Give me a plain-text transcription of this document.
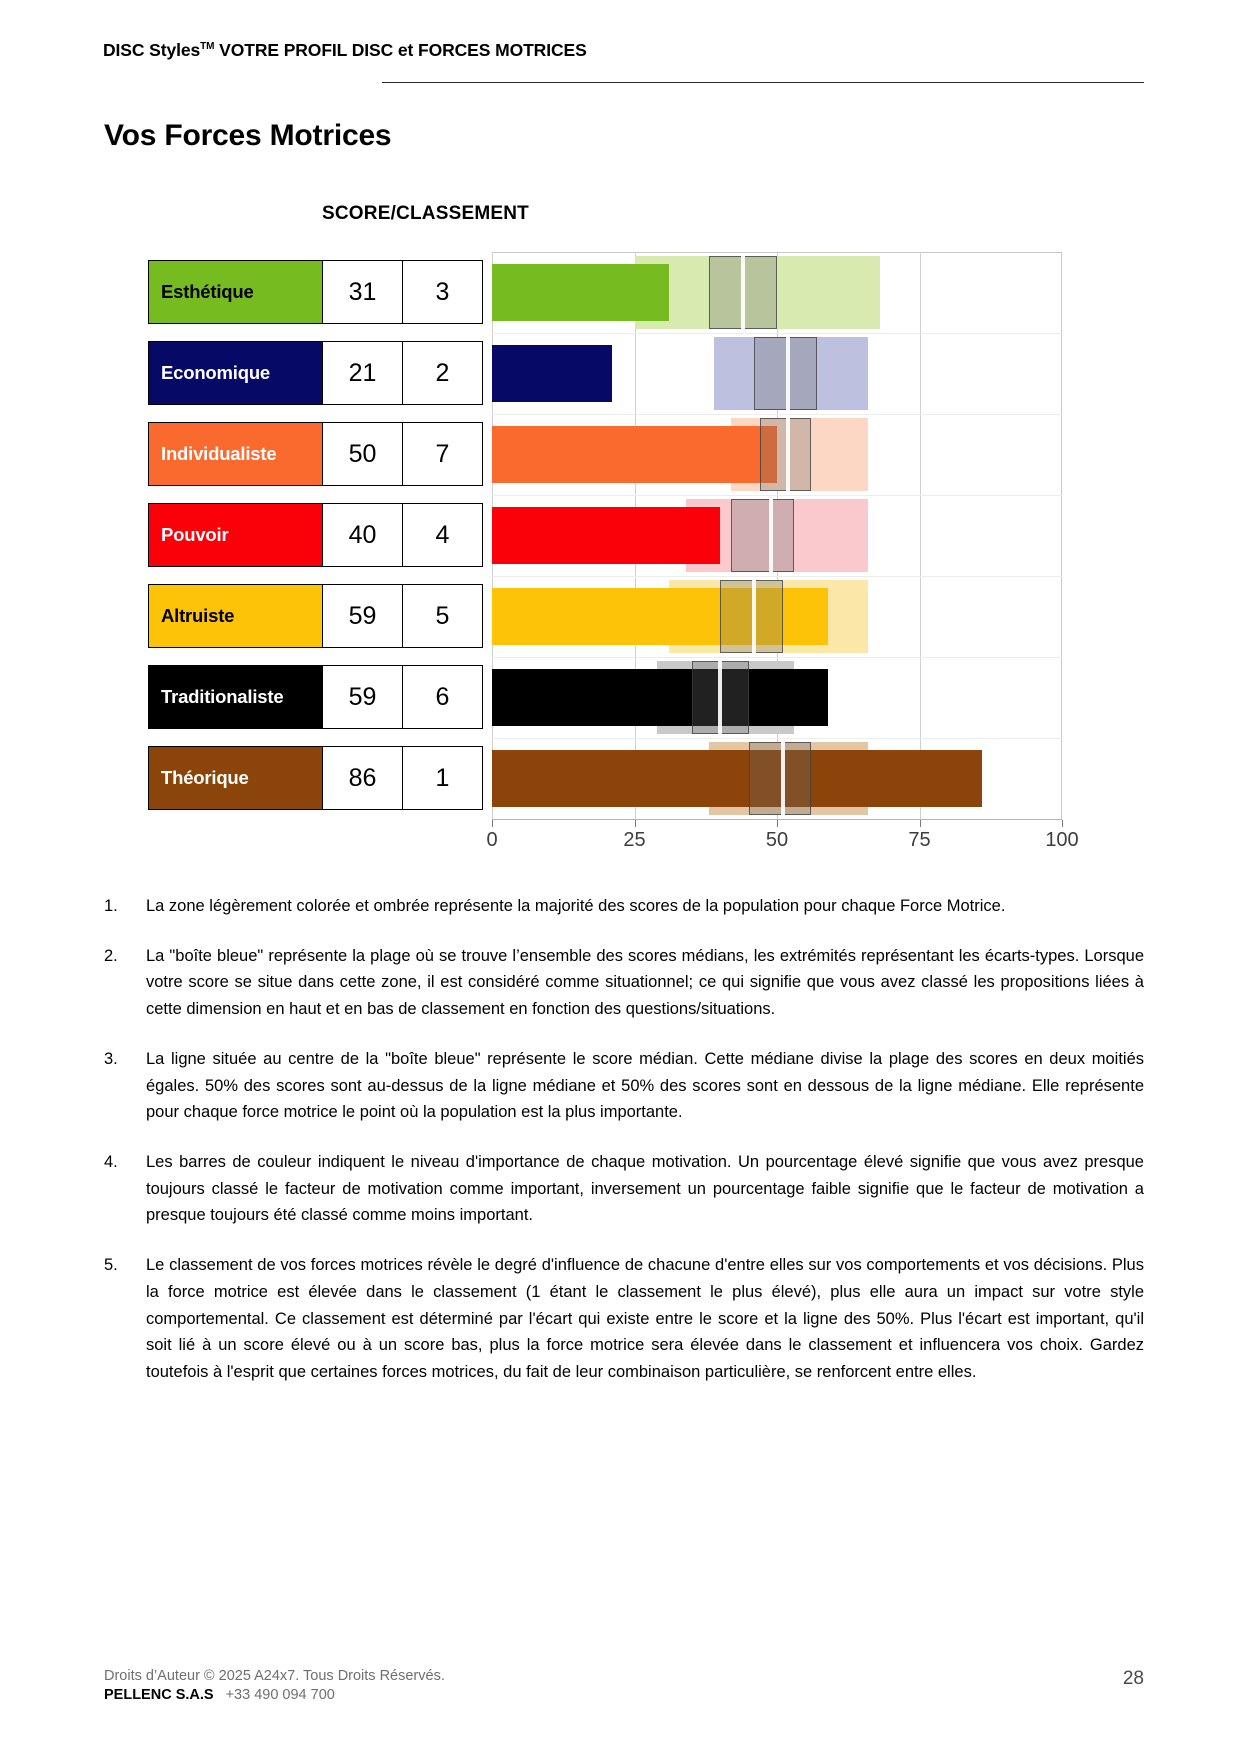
DISC Styles™ VOTRE PROFIL DISC et FORCES MOTRICES
Vos Forces Motrices
SCORE/CLASSEMENT
Esthétique	31	3
Economique	21	2
Individualiste	50	7
Pouvoir	40	4
Altruiste	59	5
Traditionaliste	59	6
Théorique	86	1
0	25	50	75	100
1.	La zone légèrement colorée et ombrée représente la majorité des scores de la population pour chaque Force Motrice.
2.	La "boîte bleue" représente la plage où se trouve l’ensemble des scores médians, les extrémités représentant les écarts-types. Lorsque votre score se situe dans cette zone, il est considéré comme situationnel; ce qui signifie que vous avez classé les propositions liées à cette dimension en haut et en bas de classement en fonction des questions/situations.
3.	La ligne située au centre de la "boîte bleue" représente le score médian. Cette médiane divise la plage des scores en deux moitiés égales. 50% des scores sont au-dessus de la ligne médiane et 50% des scores sont en dessous de la ligne médiane. Elle représente pour chaque force motrice le point où la population est la plus importante.
4.	Les barres de couleur indiquent le niveau d'importance de chaque motivation. Un pourcentage élevé signifie que vous avez presque toujours classé le facteur de motivation comme important, inversement un pourcentage faible signifie que le facteur de motivation a presque toujours été classé comme moins important.
5.	Le classement de vos forces motrices révèle le degré d'influence de chacune d'entre elles sur vos comportements et vos décisions. Plus la force motrice est élevée dans le classement (1 étant le classement le plus élevé), plus elle aura un impact sur votre style comportemental. Ce classement est déterminé par l'écart qui existe entre le score et la ligne des 50%. Plus l'écart est important, qu'il soit lié à un score élevé ou à un score bas, plus la force motrice sera élevée dans le classement et influencera vos choix. Gardez toutefois à l'esprit que certaines forces motrices, du fait de leur combinaison particulière, se renforcent entre elles.
Droits d’Auteur © 2025 A24x7. Tous Droits Réservés.
PELLENC S.A.S +33 490 094 700
28
